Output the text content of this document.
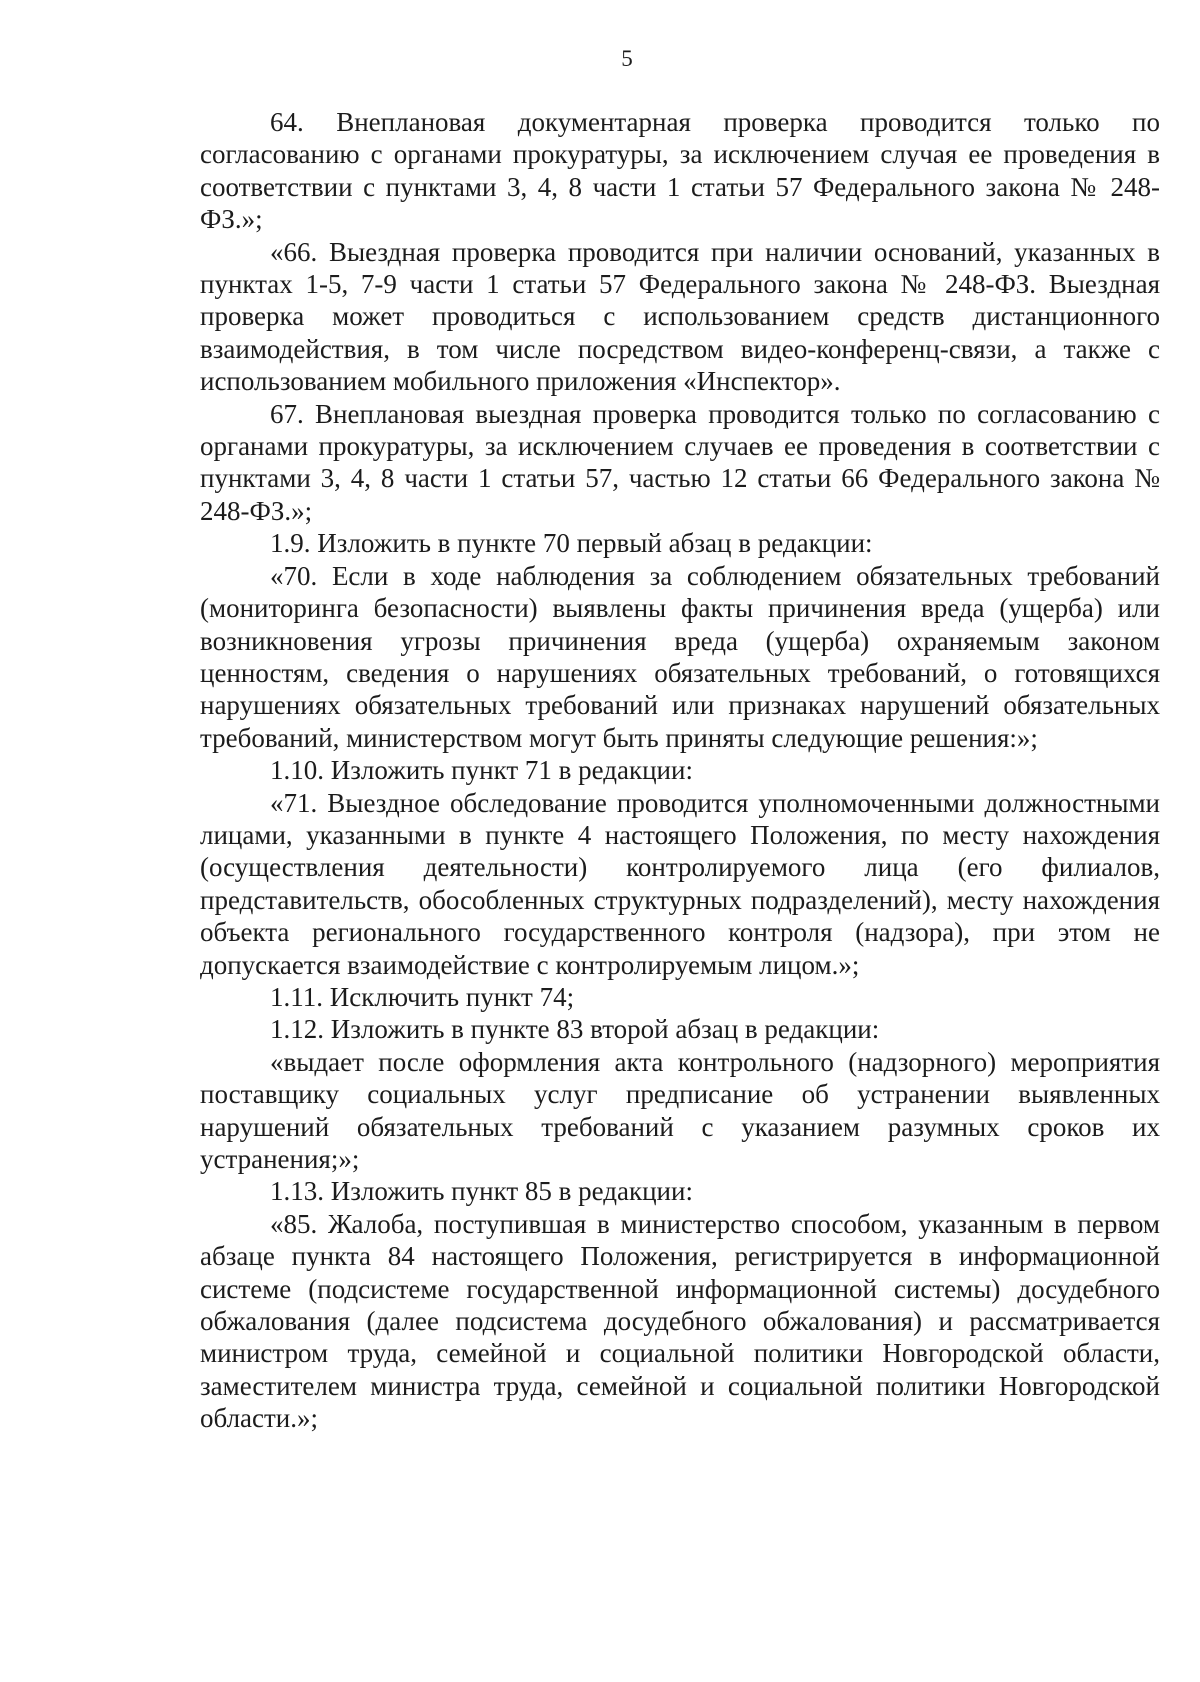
5

64. Внеплановая документарная проверка проводится только по согласованию с органами прокуратуры, за исключением случая ее проведения в соответствии с пунктами 3, 4, 8 части 1 статьи 57 Федерального закона № 248-ФЗ.»;

«66. Выездная проверка проводится при наличии оснований, указанных в пунктах 1-5, 7-9 части 1 статьи 57 Федерального закона № 248-ФЗ. Выездная проверка может проводиться с использованием средств дистанционного взаимодействия, в том числе посредством видео-конференц-связи, а также с использованием мобильного приложения «Инспектор».

67. Внеплановая выездная проверка проводится только по согласованию с органами прокуратуры, за исключением случаев ее проведения в соответствии с пунктами 3, 4, 8 части 1 статьи 57, частью 12 статьи 66 Федерального закона № 248-ФЗ.»;

1.9. Изложить в пункте 70 первый абзац в редакции:

«70. Если в ходе наблюдения за соблюдением обязательных требований (мониторинга безопасности) выявлены факты причинения вреда (ущерба) или возникновения угрозы причинения вреда (ущерба) охраняемым законом ценностям, сведения о нарушениях обязательных требований, о готовящихся нарушениях обязательных требований или признаках нарушений обязательных требований, министерством могут быть приняты следующие решения:»;

1.10. Изложить пункт 71 в редакции:

«71. Выездное обследование проводится уполномоченными должностными лицами, указанными в пункте 4 настоящего Положения, по месту нахождения (осуществления деятельности) контролируемого лица (его филиалов, представительств, обособленных структурных подразделений), месту нахождения объекта регионального государственного контроля (надзора), при этом не допускается взаимодействие с контролируемым лицом.»;

1.11. Исключить пункт 74;

1.12. Изложить в пункте 83 второй абзац в редакции:

«выдает после оформления акта контрольного (надзорного) мероприятия поставщику социальных услуг предписание об устранении выявленных нарушений обязательных требований с указанием разумных сроков их устранения;»;

1.13. Изложить пункт 85 в редакции:

«85. Жалоба, поступившая в министерство способом, указанным в первом абзаце пункта 84 настоящего Положения, регистрируется в информационной системе (подсистеме государственной информационной системы) досудебного обжалования (далее подсистема досудебного обжалования) и рассматривается министром труда, семейной и социальной политики Новгородской области, заместителем министра труда, семейной и социальной политики Новгородской области.»;
